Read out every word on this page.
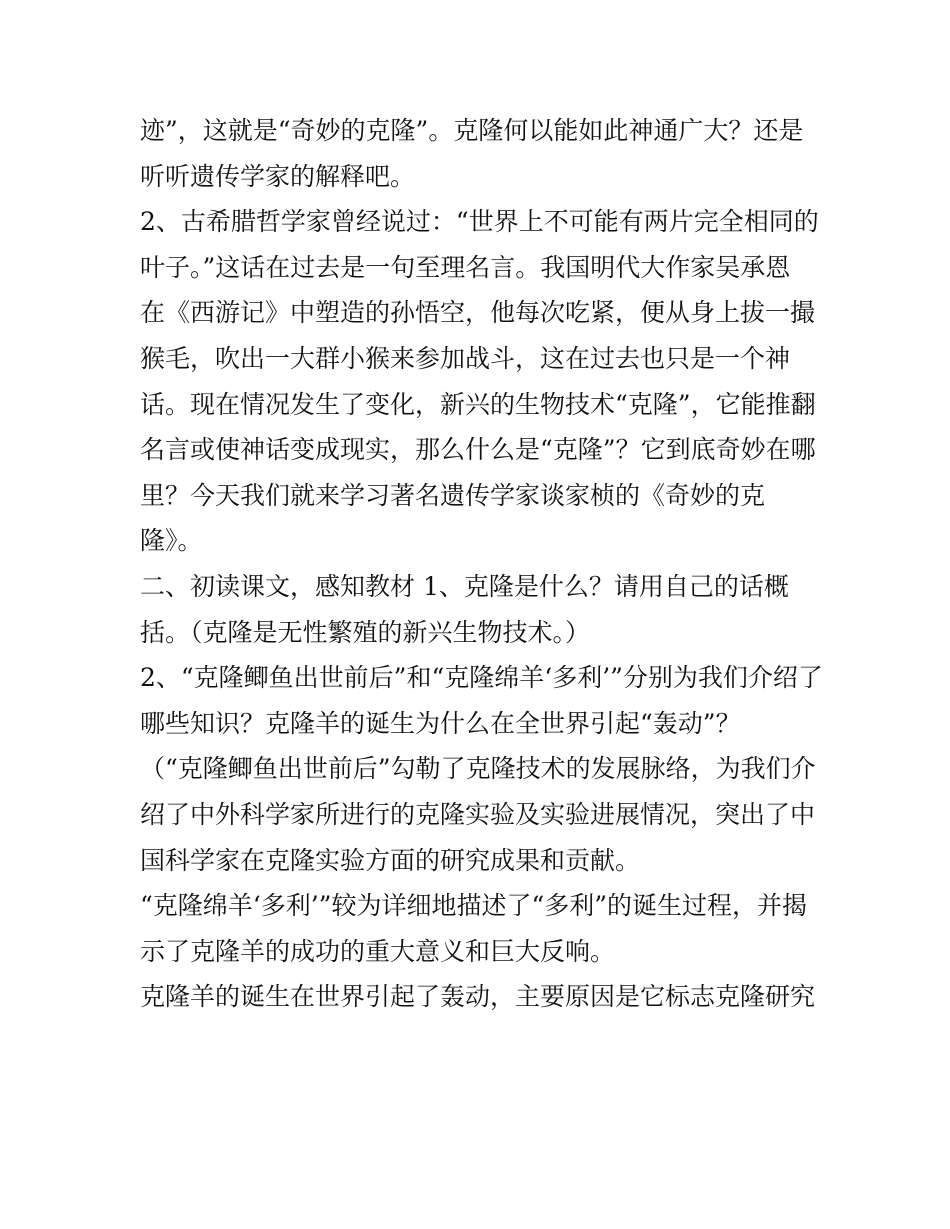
迹”，这就是“奇妙的克隆”。克隆何以能如此神通广大？还是
听听遗传学家的解释吧。
2、古希腊哲学家曾经说过：“世界上不可能有两片完全相同的
叶子。”这话在过去是一句至理名言。我国明代大作家吴承恩
在《西游记》中塑造的孙悟空，他每次吃紧，便从身上拔一撮
猴毛，吹出一大群小猴来参加战斗，这在过去也只是一个神
话。现在情况发生了变化，新兴的生物技术“克隆”，它能推翻
名言或使神话变成现实，那么什么是“克隆”？它到底奇妙在哪
里？今天我们就来学习著名遗传学家谈家桢的《奇妙的克
隆》。
二、初读课文，感知教材 1、克隆是什么？请用自己的话概
括。（克隆是无性繁殖的新兴生物技术。）
2、“克隆鲫鱼出世前后”和“克隆绵羊‘多利’”分别为我们介绍了
哪些知识？克隆羊的诞生为什么在全世界引起“轰动”？
（“克隆鲫鱼出世前后”勾勒了克隆技术的发展脉络，为我们介
绍了中外科学家所进行的克隆实验及实验进展情况，突出了中
国科学家在克隆实验方面的研究成果和贡献。
“克隆绵羊‘多利’”较为详细地描述了“多利”的诞生过程，并揭
示了克隆羊的成功的重大意义和巨大反响。
克隆羊的诞生在世界引起了轰动，主要原因是它标志克隆研究
